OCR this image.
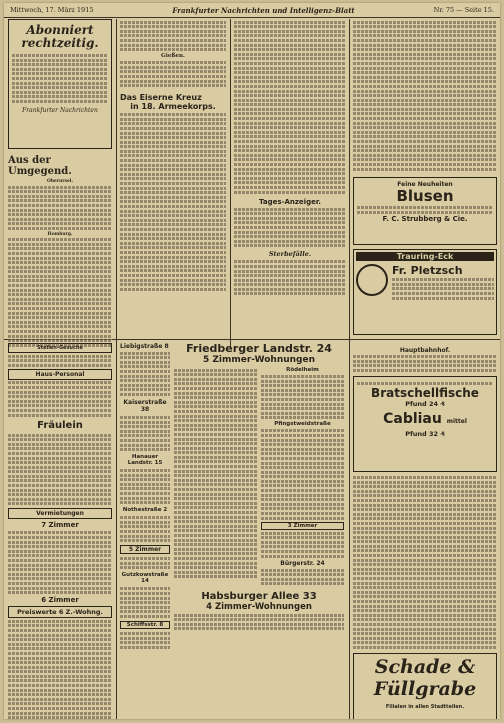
Mittwoch, 17. März 1915	Frankfurter Nachrichten und Intelligenz-Blatt	Nr. 75 — Seite 15.
Abonniert
rechtzeitig.
Frankfurter Nachrichten
Aus der Umgegend.
Oberursel.
Homburg.
Stellen-Gesuche
Haus-Personal
Fräulein
Vermietungen
7 Zimmer
6 Zimmer
Preiswerte 6 Z.-Wohng.
Gießen.
Das Eiserne Kreuz
in 18. Armeekorps.
Tages-Anzeiger.
Sterbefälle.
Liebigstraße 8
Kaiserstraße 38
Hanauer Landstr. 15
Nothestraße 2
5 Zimmer
Gutzkowstraße 14
Schiffsstr. 8
Friedberger Landstr. 24
5 Zimmer-Wohnungen
Rödelheim
Pfingstweidstraße
3 Zimmer
Bürgerstr. 24
Habsburger Allee 33
4 Zimmer-Wohnungen
Feine Neuheiten
Blusen
F. C. Strubberg & Cie.
Trauring-Eck
Fr. Pletzsch
Hauptbahnhof.
Bratschellfische
Pfund 24 ₰
Cabliau mittel
Pfund 32 ₰
Schade &
Füllgrabe
Filialen in allen Stadtteilen.
